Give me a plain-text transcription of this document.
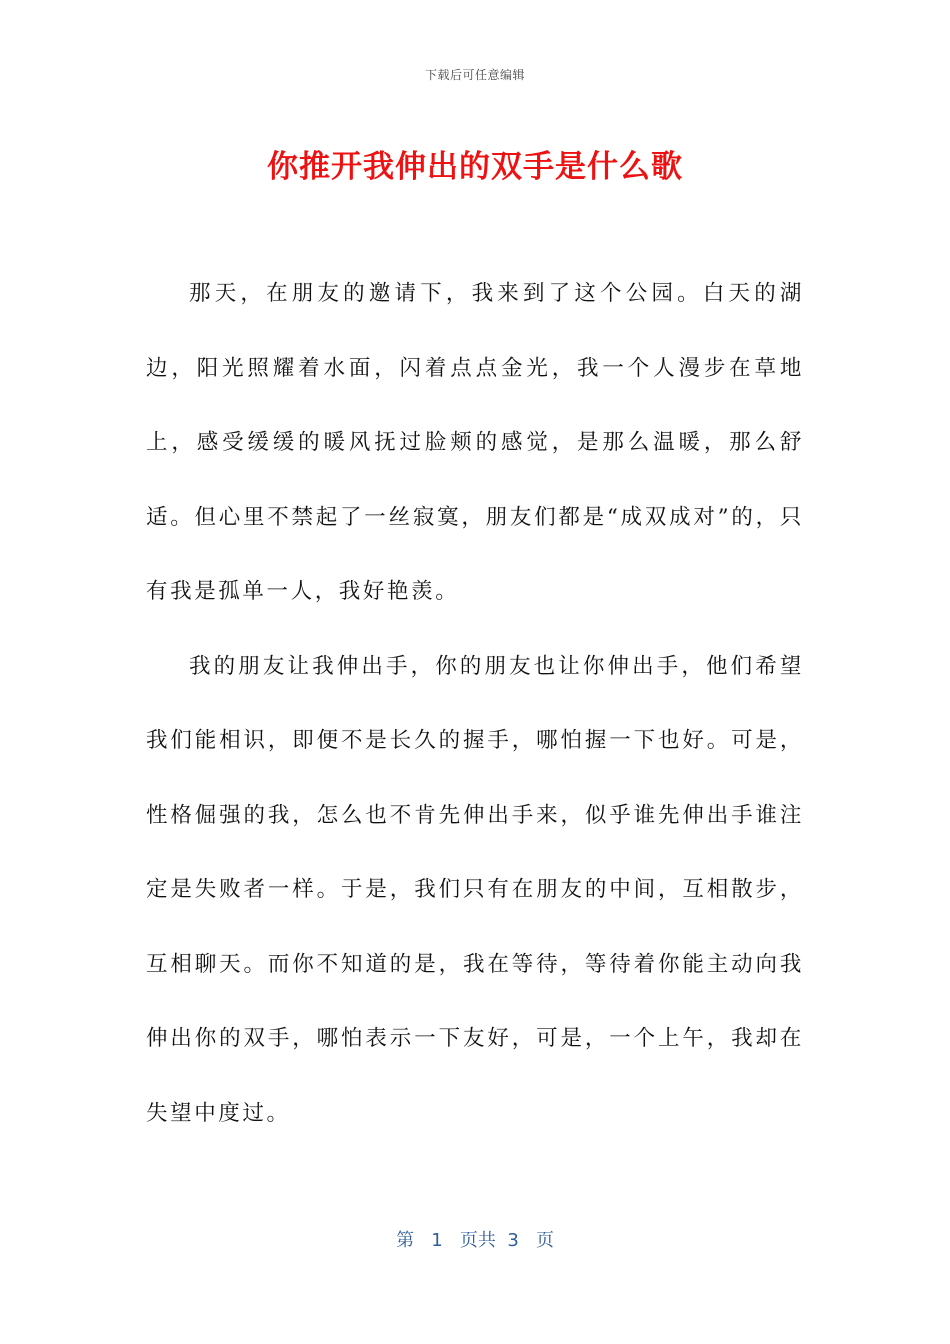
下载后可任意编辑
你推开我伸出的双手是什么歌

那天，在朋友的邀请下，我来到了这个公园。白天的湖边，阳光照耀着水面，闪着点点金光，我一个人漫步在草地上，感受缓缓的暖风抚过脸颊的感觉，是那么温暖，那么舒适。但心里不禁起了一丝寂寞，朋友们都是“成双成对”的，只有我是孤单一人，我好艳羡。

我的朋友让我伸出手，你的朋友也让你伸出手，他们希望我们能相识，即便不是长久的握手，哪怕握一下也好。可是，性格倔强的我，怎么也不肯先伸出手来，似乎谁先伸出手谁注定是失败者一样。于是，我们只有在朋友的中间，互相散步，互相聊天。而你不知道的是，我在等待，等待着你能主动向我伸出你的双手，哪怕表示一下友好，可是，一个上午，我却在失望中度过。

第 1 页共 3 页
